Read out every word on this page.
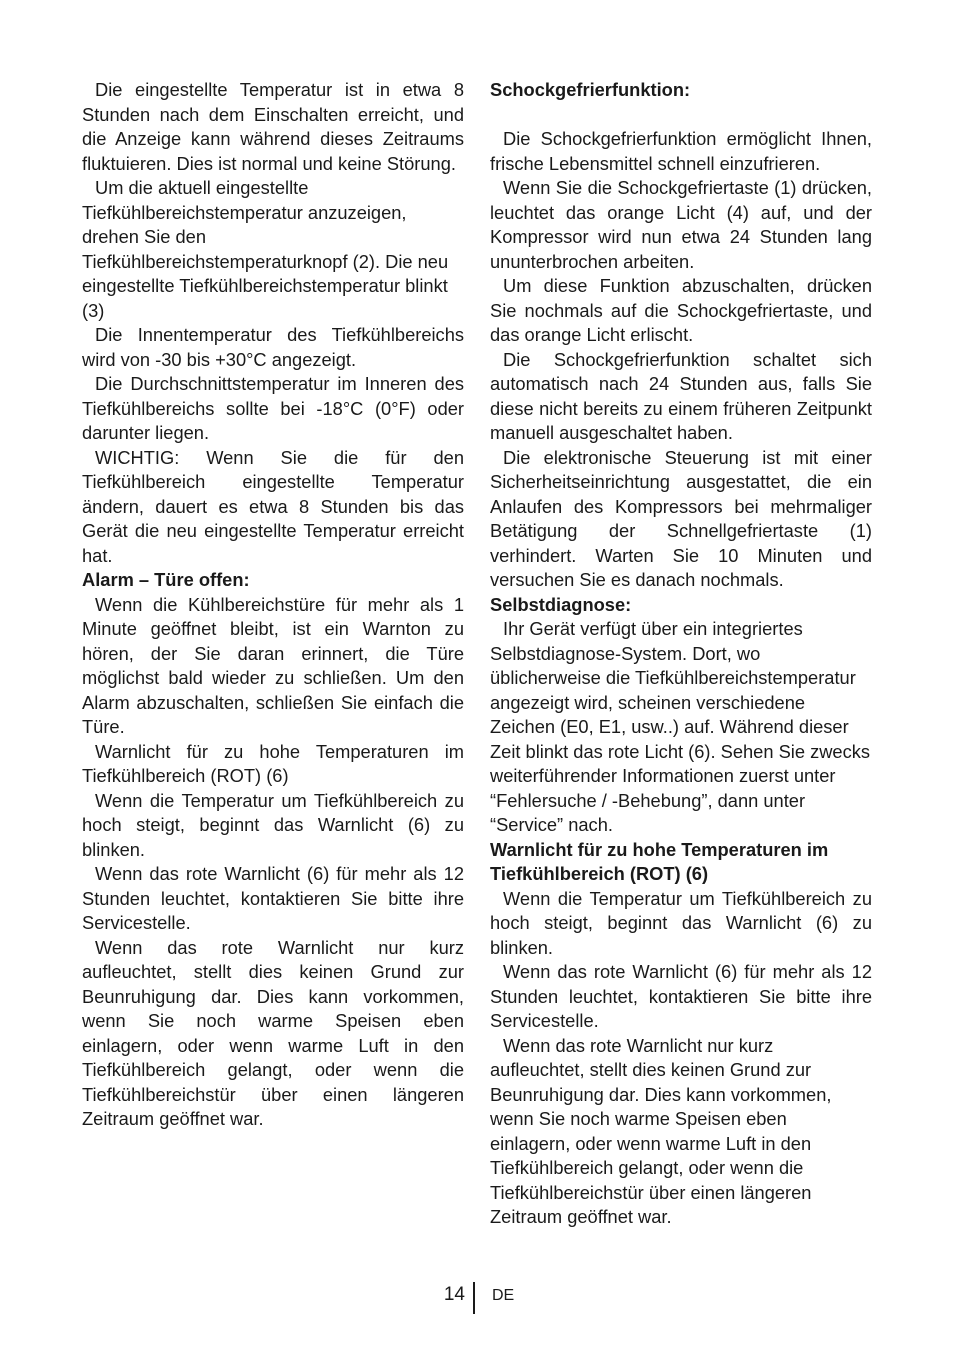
Die eingestellte Temperatur ist in etwa 8 Stunden nach dem Einschalten erreicht, und die Anzeige kann während dieses Zeitraums fluktuieren. Dies ist normal und keine Störung.

Um die aktuell eingestellte Tiefkühlbereichstemperatur anzuzeigen, drehen Sie den Tiefkühlbereichstemperaturknopf (2). Die neu eingestellte Tiefkühlbereichstemperatur blinkt (3)

Die Innentemperatur des Tiefkühlbereichs wird von -30 bis +30°C angezeigt.

Die Durchschnittstemperatur im Inneren des Tiefkühlbereichs sollte bei -18°C (0°F) oder darunter liegen.

WICHTIG: Wenn Sie die für den Tiefkühlbereich eingestellte Temperatur ändern, dauert es etwa 8 Stunden bis das Gerät die neu eingestellte Temperatur erreicht hat.

Alarm – Türe offen:

Wenn die Kühlbereichstüre für mehr als 1 Minute geöffnet bleibt, ist ein Warnton zu hören, der Sie daran erinnert, die Türe möglichst bald wieder zu schließen. Um den Alarm abzuschalten, schließen Sie einfach die Türe.

Warnlicht für zu hohe Temperaturen im Tiefkühlbereich (ROT) (6)

Wenn die Temperatur um Tiefkühlbereich zu hoch steigt, beginnt das Warnlicht (6) zu blinken.

Wenn das rote Warnlicht (6) für mehr als 12 Stunden leuchtet, kontaktieren Sie bitte ihre Servicestelle.

Wenn das rote Warnlicht nur kurz aufleuchtet, stellt dies keinen Grund zur Beunruhigung dar. Dies kann vorkommen, wenn Sie noch warme Speisen eben einlagern, oder wenn warme Luft in den Tiefkühlbereich gelangt, oder wenn die Tiefkühlbereichstür über einen längeren Zeitraum geöffnet war.

Schockgefrierfunktion:

Die Schockgefrierfunktion ermöglicht Ihnen, frische Lebensmittel schnell einzufrieren.

Wenn Sie die Schockgefriertaste (1) drücken, leuchtet das orange Licht (4) auf, und der Kompressor wird nun etwa 24 Stunden lang ununterbrochen arbeiten.

Um diese Funktion abzuschalten, drücken Sie nochmals auf die Schockgefriertaste, und das orange Licht erlischt.

Die Schockgefrierfunktion schaltet sich automatisch nach 24 Stunden aus, falls Sie diese nicht bereits zu einem früheren Zeitpunkt manuell ausgeschaltet haben.

Die elektronische Steuerung ist mit einer Sicherheitseinrichtung ausgestattet, die ein Anlaufen des Kompressors bei mehrmaliger Betätigung der Schnellgefriertaste (1) verhindert. Warten Sie 10 Minuten und versuchen Sie es danach nochmals.

Selbstdiagnose:

Ihr Gerät verfügt über ein integriertes Selbstdiagnose-System. Dort, wo üblicherweise die Tiefkühlbereichstemperatur angezeigt wird, scheinen verschiedene Zeichen (E0, E1, usw..) auf. Während dieser Zeit blinkt das rote Licht (6). Sehen Sie zwecks weiterführender Informationen zuerst unter “Fehlersuche / -Behebung”, dann unter “Service” nach.

Warnlicht für zu hohe Temperaturen im Tiefkühlbereich (ROT) (6)

Wenn die Temperatur um Tiefkühlbereich zu hoch steigt, beginnt das Warnlicht (6) zu blinken.

Wenn das rote Warnlicht (6) für mehr als 12 Stunden leuchtet, kontaktieren Sie bitte ihre Servicestelle.

Wenn das rote Warnlicht nur kurz aufleuchtet, stellt dies keinen Grund zur Beunruhigung dar. Dies kann vorkommen, wenn Sie noch warme Speisen eben einlagern, oder wenn warme Luft in den Tiefkühlbereich gelangt, oder wenn die Tiefkühlbereichstür über einen längeren Zeitraum geöffnet war.

14 DE
